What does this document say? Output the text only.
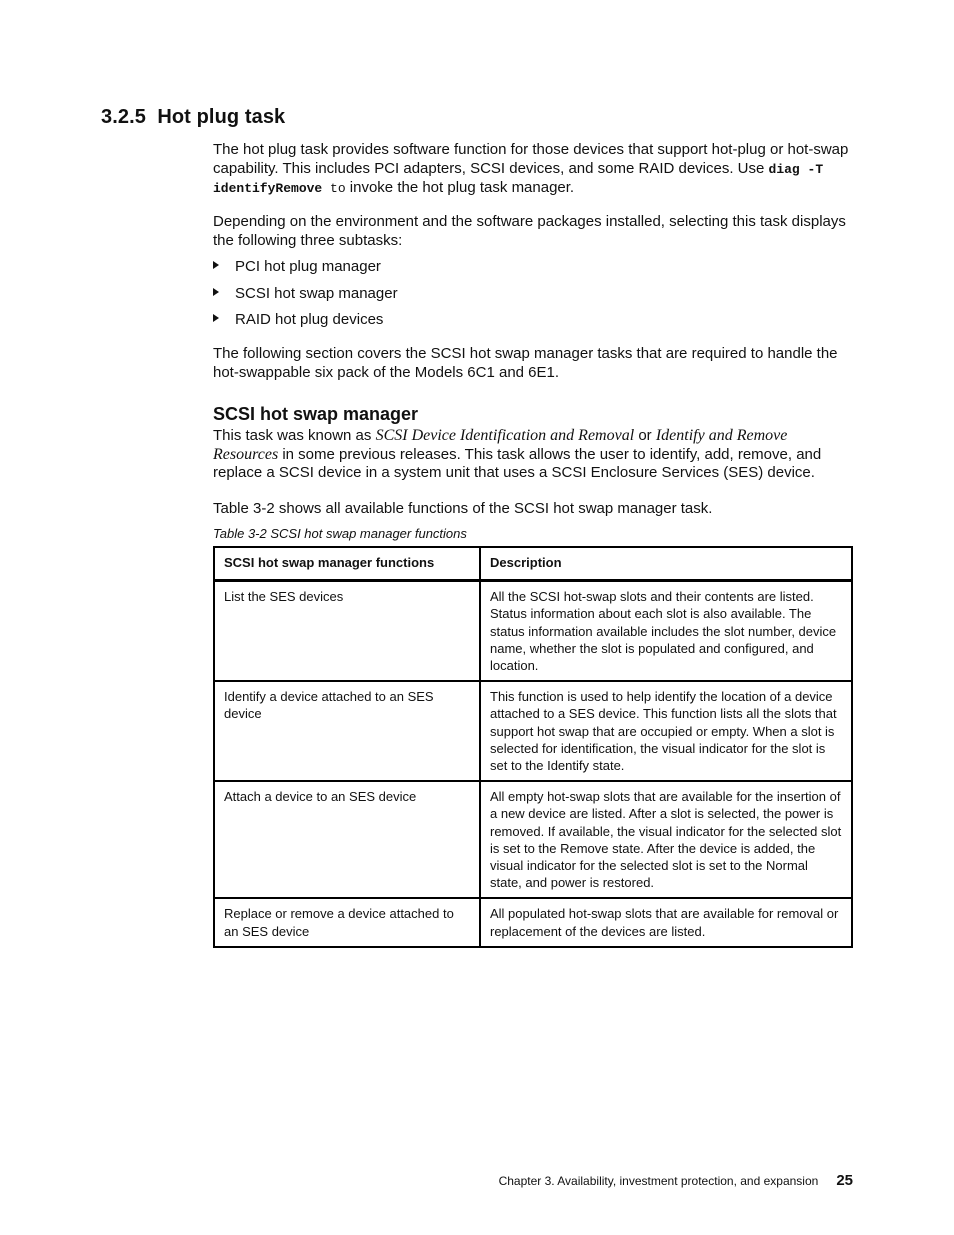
3.2.5 Hot plug task

The hot plug task provides software function for those devices that support hot-plug or hot-swap capability. This includes PCI adapters, SCSI devices, and some RAID devices. Use diag -T identifyRemove to invoke the hot plug task manager.

Depending on the environment and the software packages installed, selecting this task displays the following three subtasks:

PCI hot plug manager
SCSI hot swap manager
RAID hot plug devices

The following section covers the SCSI hot swap manager tasks that are required to handle the hot-swappable six pack of the Models 6C1 and 6E1.

SCSI hot swap manager

This task was known as SCSI Device Identification and Removal or Identify and Remove Resources in some previous releases. This task allows the user to identify, add, remove, and replace a SCSI device in a system unit that uses a SCSI Enclosure Services (SES) device.

Table 3-2 shows all available functions of the SCSI hot swap manager task.

Table 3-2 SCSI hot swap manager functions
SCSI hot swap manager functions	Description
List the SES devices	All the SCSI hot-swap slots and their contents are listed. Status information about each slot is also available. The status information available includes the slot number, device name, whether the slot is populated and configured, and location.
Identify a device attached to an SES device	This function is used to help identify the location of a device attached to a SES device. This function lists all the slots that support hot swap that are occupied or empty. When a slot is selected for identification, the visual indicator for the slot is set to the Identify state.
Attach a device to an SES device	All empty hot-swap slots that are available for the insertion of a new device are listed. After a slot is selected, the power is removed. If available, the visual indicator for the selected slot is set to the Remove state. After the device is added, the visual indicator for the selected slot is set to the Normal state, and power is restored.
Replace or remove a device attached to an SES device	All populated hot-swap slots that are available for removal or replacement of the devices are listed.
Chapter 3. Availability, investment protection, and expansion 25
